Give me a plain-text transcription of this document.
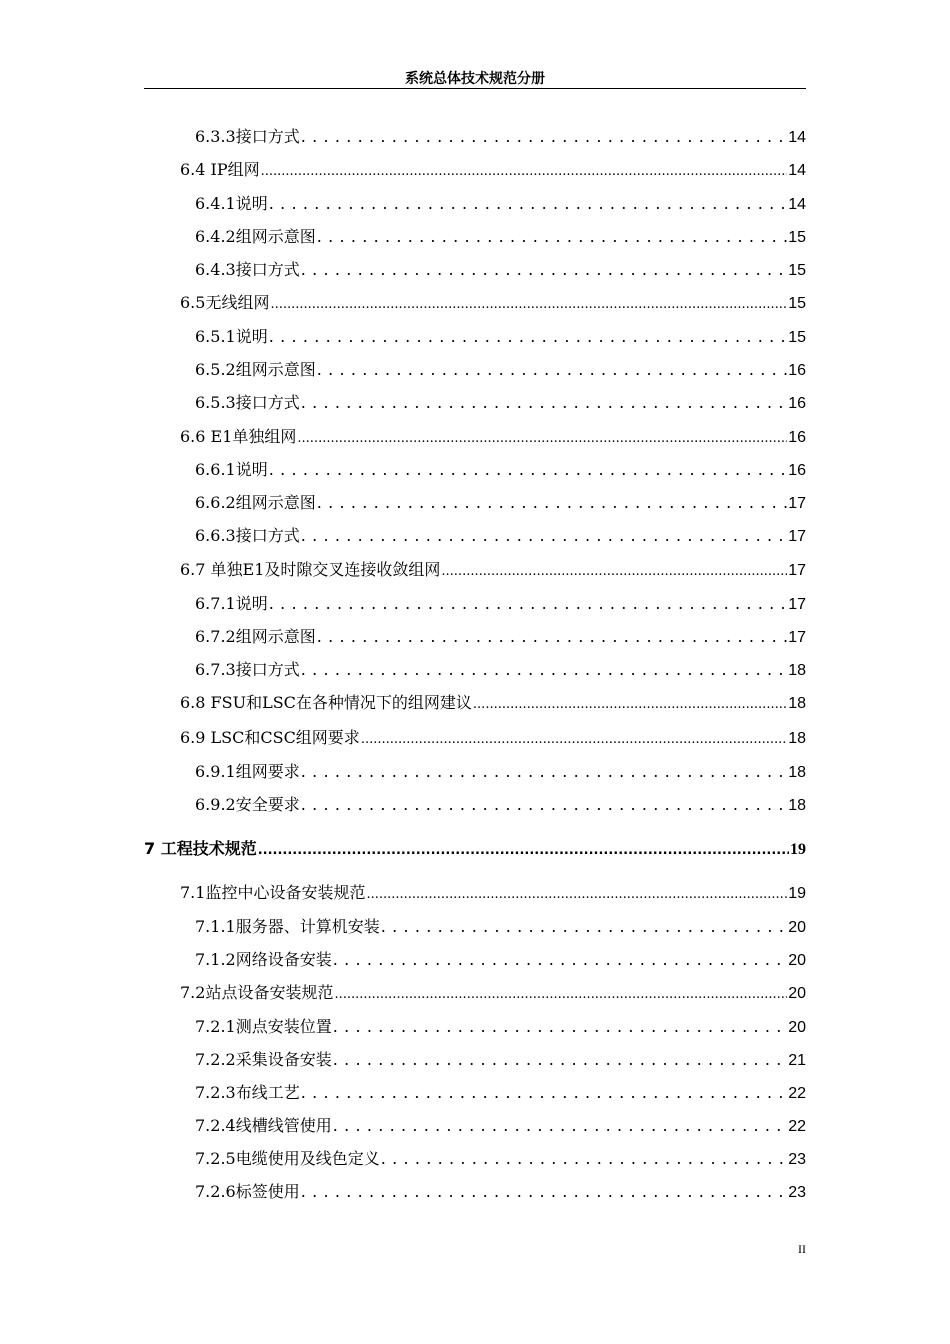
系统总体技术规范分册
6.3.3接口方式 . . .	14
6.4 IP组网 .....	14
6.4.1说明 . . .	14
6.4.2组网示意图 . . .	15
6.4.3接口方式 . . .	15
6.5无线组网 .....	15
6.5.1说明 . . .	15
6.5.2组网示意图 . . .	16
6.5.3接口方式 . . .	16
6.6 E1单独组网 .....	16
6.6.1说明 . . .	16
6.6.2组网示意图 . . .	17
6.6.3接口方式 . . .	17
6.7 单独E1及时隙交叉连接收敛组网 .....	17
6.7.1说明 . . .	17
6.7.2组网示意图 . . .	17
6.7.3接口方式 . . .	18
6.8 FSU和LSC在各种情况下的组网建议 .....	18
6.9 LSC和CSC组网要求 .....	18
6.9.1组网要求 . . .	18
6.9.2安全要求 . . .	18
7 工程技术规范 .....	19
7.1监控中心设备安装规范 .....	19
7.1.1服务器、计算机安装 . . .	20
7.1.2网络设备安装 . . .	20
7.2站点设备安装规范 .....	20
7.2.1测点安装位置 . . .	20
7.2.2采集设备安装 . . .	21
7.2.3布线工艺 . . .	22
7.2.4线槽线管使用 . . .	22
7.2.5电缆使用及线色定义 . . .	23
7.2.6标签使用 . . .	23
II
